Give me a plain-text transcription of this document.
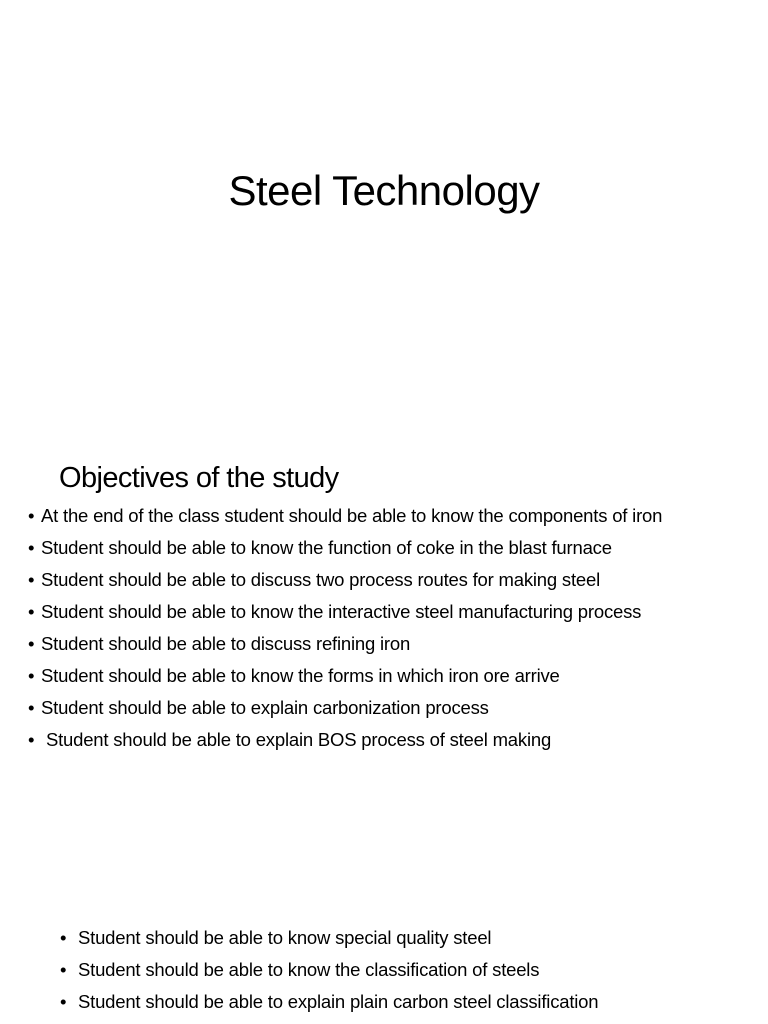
Steel Technology
Objectives of the study
• At the end of the class student should be able to know the components of iron
• Student should be able to know the function of coke in the blast furnace
• Student should be able to discuss two process routes for making steel
• Student should be able to know the interactive steel manufacturing process
• Student should be able to discuss refining iron
• Student should be able to know the forms in which iron ore arrive
• Student should be able to explain carbonization process
• Student should be able to explain BOS process of steel making
• Student should be able to know special quality steel
• Student should be able to know the classification of steels
• Student should be able to explain plain carbon steel classification
